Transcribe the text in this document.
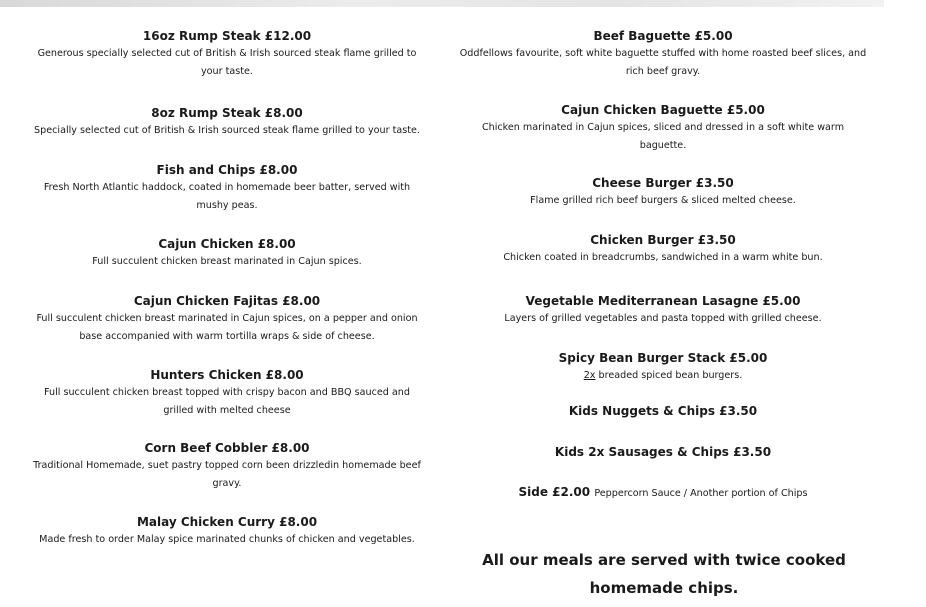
16oz Rump Steak £12.00
Generous specially selected cut of British & Irish sourced steak flame grilled to your taste.
8oz Rump Steak £8.00
Specially selected cut of British & Irish sourced steak flame grilled to your taste.
Fish and Chips £8.00
Fresh North Atlantic haddock, coated in homemade beer batter, served with mushy peas.
Cajun Chicken £8.00
Full succulent chicken breast marinated in Cajun spices.
Cajun Chicken Fajitas £8.00
Full succulent chicken breast marinated in Cajun spices, on a pepper and onion base accompanied with warm tortilla wraps & side of cheese.
Hunters Chicken £8.00
Full succulent chicken breast topped with crispy bacon and BBQ sauced and grilled with melted cheese
Corn Beef Cobbler £8.00
Traditional Homemade, suet pastry topped corn been drizzledin homemade beef gravy.
Malay Chicken Curry £8.00
Made fresh to order Malay spice marinated chunks of chicken and vegetables.
Beef Baguette £5.00
Oddfellows favourite, soft white baguette stuffed with home roasted beef slices, and rich beef gravy.
Cajun Chicken Baguette £5.00
Chicken marinated in Cajun spices, sliced and dressed in a soft white warm baguette.
Cheese Burger £3.50
Flame grilled rich beef burgers & sliced melted cheese.
Chicken Burger £3.50
Chicken coated in breadcrumbs, sandwiched in a warm white bun.
Vegetable Mediterranean Lasagne £5.00
Layers of grilled vegetables and pasta topped with grilled cheese.
Spicy Bean Burger Stack £5.00
2x breaded spiced bean burgers.
Kids Nuggets & Chips £3.50
Kids 2x Sausages & Chips £3.50
Side £2.00 Peppercorn Sauce / Another portion of Chips
All our meals are served with twice cooked
homemade chips.
